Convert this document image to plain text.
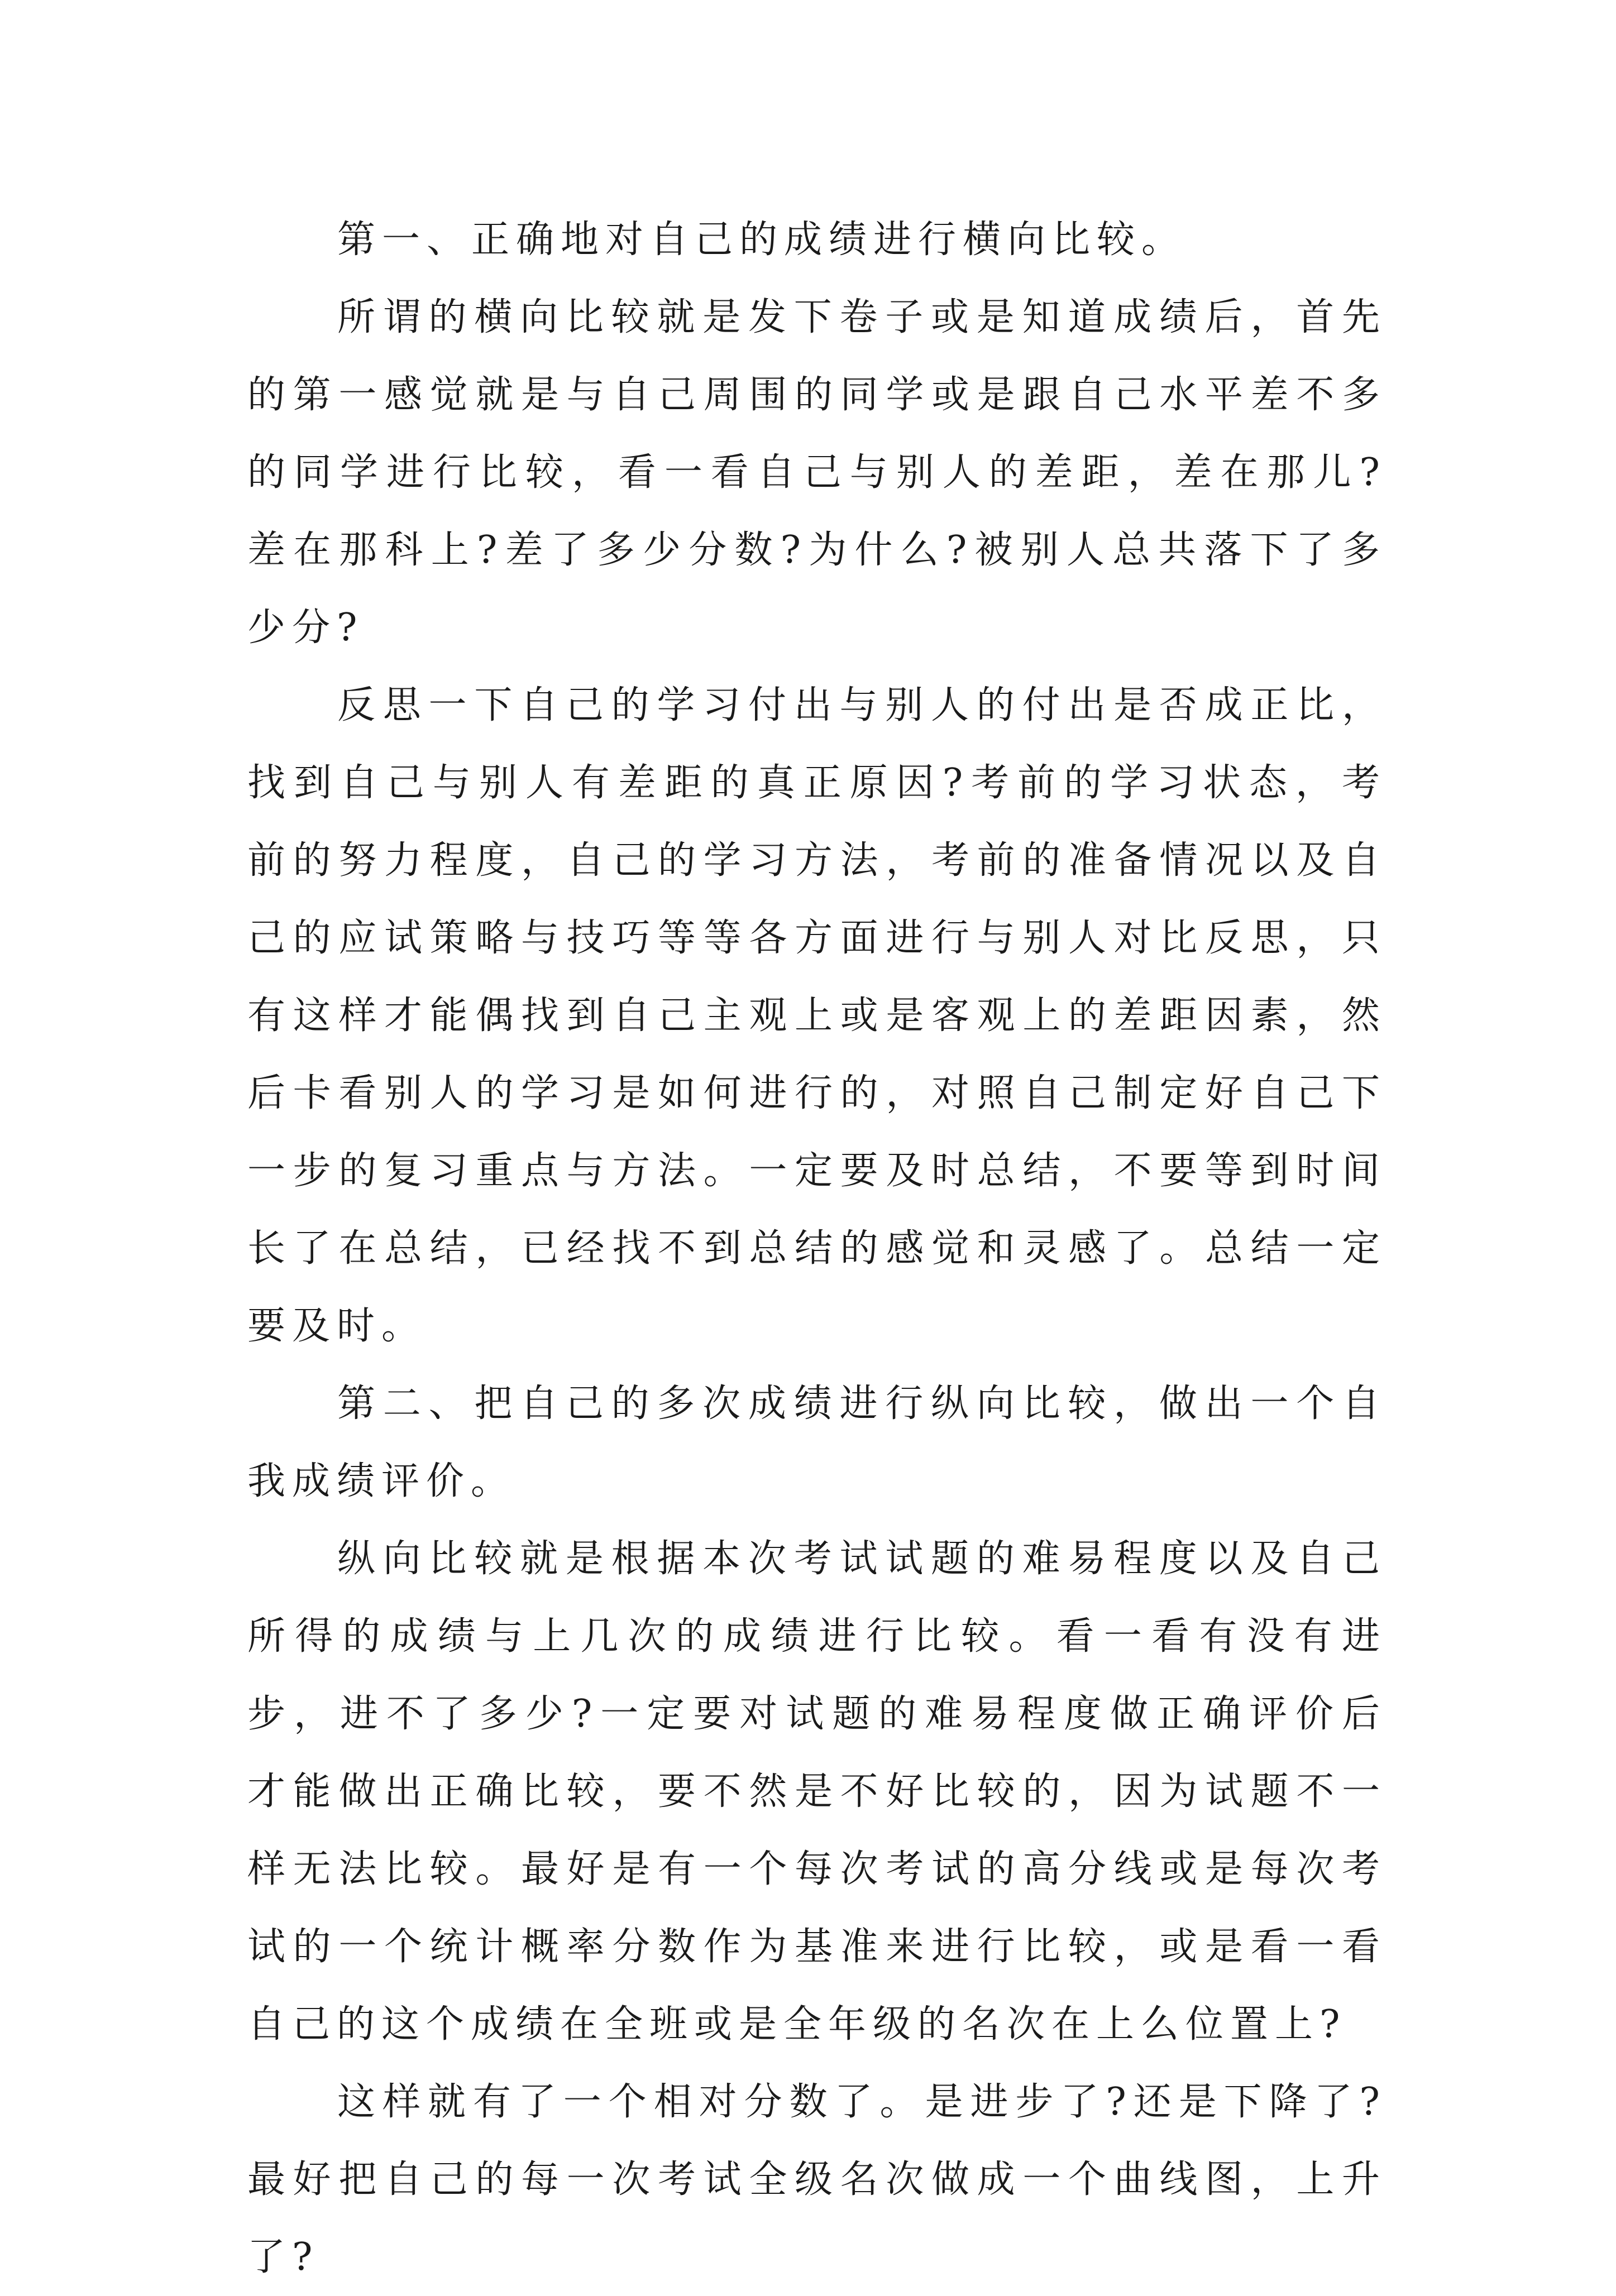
第一、正确地对自己的成绩进行横向比较。

所谓的横向比较就是发下卷子或是知道成绩后，首先的第一感觉就是与自己周围的同学或是跟自己水平差不多的同学进行比较，看一看自己与别人的差距，差在那儿?差在那科上?差了多少分数?为什么?被别人总共落下了多少分?

反思一下自己的学习付出与别人的付出是否成正比，找到自己与别人有差距的真正原因?考前的学习状态，考前的努力程度，自己的学习方法，考前的准备情况以及自己的应试策略与技巧等等各方面进行与别人对比反思，只有这样才能偶找到自己主观上或是客观上的差距因素，然后卡看别人的学习是如何进行的，对照自己制定好自己下一步的复习重点与方法。一定要及时总结，不要等到时间长了在总结，已经找不到总结的感觉和灵感了。总结一定要及时。

第二、把自己的多次成绩进行纵向比较，做出一个自我成绩评价。

纵向比较就是根据本次考试试题的难易程度以及自己所得的成绩与上几次的成绩进行比较。看一看有没有进步，进不了多少?一定要对试题的难易程度做正确评价后才能做出正确比较，要不然是不好比较的，因为试题不一样无法比较。最好是有一个每次考试的高分线或是每次考试的一个统计概率分数作为基准来进行比较，或是看一看自己的这个成绩在全班或是全年级的名次在上么位置上?

这样就有了一个相对分数了。是进步了?还是下降了?最好把自己的每一次考试全级名次做成一个曲线图，上升了?
